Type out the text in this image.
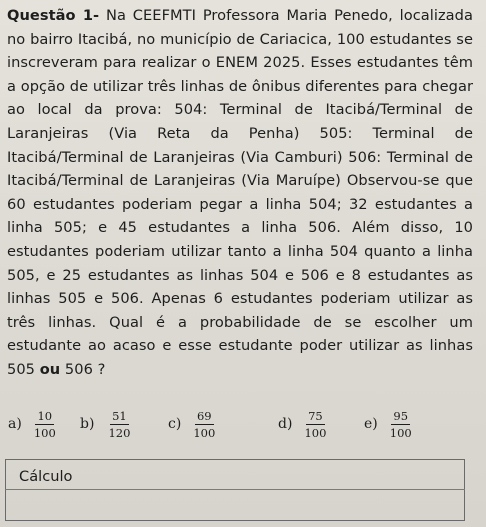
Questão 1- Na CEEFMTI Professora Maria Penedo, localizada no bairro Itacibá, no município de Cariacica, 100 estudantes se inscreveram para realizar o ENEM 2025. Esses estudantes têm a opção de utilizar três linhas de ônibus diferentes para chegar ao local da prova: 504: Terminal de Itacibá/Terminal de Laranjeiras (Via Reta da Penha) 505: Terminal de Itacibá/Terminal de Laranjeiras (Via Camburi) 506: Terminal de Itacibá/Terminal de Laranjeiras (Via Maruípe) Observou-se que 60 estudantes poderiam pegar a linha 504; 32 estudantes a linha 505; e 45 estudantes a linha 506. Além disso, 10 estudantes poderiam utilizar tanto a linha 504 quanto a linha 505, e 25 estudantes as linhas 504 e 506 e 8 estudantes as linhas 505 e 506. Apenas 6 estudantes poderiam utilizar as três linhas. Qual é a probabilidade de se escolher um estudante ao acaso e esse estudante poder utilizar as linhas 505 ou 506 ?
$a) \frac{10}{100} b) \frac{51}{120}$	$c) \frac{69}{100}$	$d) \frac{75}{100}$	$e) \frac{95}{100}$
Cálculo
